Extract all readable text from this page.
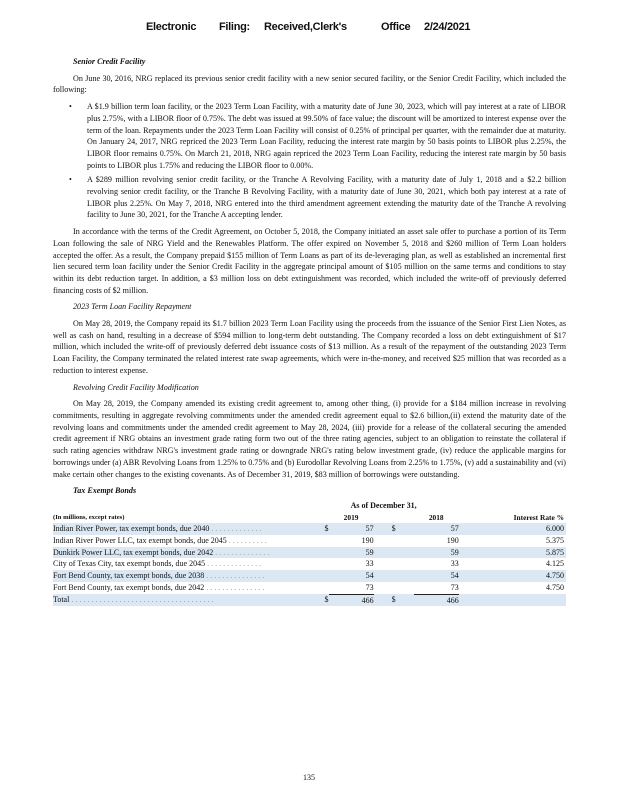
Electronic Filing: Received,Clerk's	Office 2/24/2021
Senior Credit Facility

On June 30, 2016, NRG replaced its previous senior credit facility with a new senior secured facility, or the Senior Credit Facility, which included the following:

• A $1.9 billion term loan facility, or the 2023 Term Loan Facility, with a maturity date of June 30, 2023, which will pay interest at a rate of LIBOR plus 2.75%, with a LIBOR floor of 0.75%. The debt was issued at 99.50% of face value; the discount will be amortized to interest expense over the term of the loan. Repayments under the 2023 Term Loan Facility will consist of 0.25% of principal per quarter, with the remainder due at maturity. On January 24, 2017, NRG repriced the 2023 Term Loan Facility, reducing the interest rate margin by 50 basis points to LIBOR plus 2.25%, the LIBOR floor remains 0.75%. On March 21, 2018, NRG again repriced the 2023 Term Loan Facility, reducing the interest rate margin by 50 basis points to LIBOR plus 1.75% and reducing the LIBOR floor to 0.00%.
• A $289 million revolving senior credit facility, or the Tranche A Revolving Facility, with a maturity date of July 1, 2018 and a $2.2 billion revolving senior credit facility, or the Tranche B Revolving Facility, with a maturity date of June 30, 2021, which both pay interest at a rate of LIBOR plus 2.25%. On May 7, 2018, NRG entered into the third amendment agreement extending the maturity date of the Tranche A revolving facility to June 30, 2021, for the Tranche A accepting lender.

In accordance with the terms of the Credit Agreement, on October 5, 2018, the Company initiated an asset sale offer to purchase a portion of its Term Loan following the sale of NRG Yield and the Renewables Platform. The offer expired on November 5, 2018 and $260 million of Term Loan holders accepted the offer. As a result, the Company prepaid $155 million of Term Loans as part of its de-leveraging plan, as well as established an incremental first lien secured term loan facility under the Senior Credit Facility in the aggregate principal amount of $105 million on the same terms and conditions to stay within its debt reduction target. In addition, a $3 million loss on debt extinguishment was recorded, which included the write-off of previously deferred financing costs of $2 million.

2023 Term Loan Facility Repayment

On May 28, 2019, the Company repaid its $1.7 billion 2023 Term Loan Facility using the proceeds from the issuance of the Senior First Lien Notes, as well as cash on hand, resulting in a decrease of $594 million to long-term debt outstanding. The Company recorded a loss on debt extinguishment of $17 million, which included the write-off of previously deferred debt issuance costs of $13 million. As a result of the repayment of the outstanding 2023 Term Loan Facility, the Company terminated the related interest rate swap agreements, which were in-the-money, and received $25 million that was recorded as a reduction to interest expense.

Revolving Credit Facility Modification

On May 28, 2019, the Company amended its existing credit agreement to, among other thing, (i) provide for a $184 million increase in revolving commitments, resulting in aggregate revolving commitments under the amended credit agreement equal to $2.6 billion,(ii) extend the maturity date of the revolving loans and commitments under the amended credit agreement to May 28, 2024, (iii) provide for a release of the collateral securing the amended credit agreement if NRG obtains an investment grade rating form two out of the three rating agencies, subject to an obligation to reinstate the collateral if such rating agencies withdraw NRG's investment grade rating or downgrade NRG's rating below investment grade, (iv) reduce the applicable margins for borrowings under (a) ABR Revolving Loans from 1.25% to 0.75% and (b) Eurodollar Revolving Loans from 2.25% to 1.75%, (v) add a sustainability and (vi) make certain other changes to the existing covenants. As of December 31, 2019, $83 million of borrowings were outstanding.

Tax Exempt Bonds
	As of December 31,				
(In millions, except rates)		2019		2018	Interest Rate %
Indian River Power, tax exempt bonds, due 2040 . . . . . . . . . . . . .	$	57	$	57	6.000
Indian River Power LLC, tax exempt bonds, due 2045 . . . . . . . . . .		190		190	5.375
Dunkirk Power LLC, tax exempt bonds, due 2042 . . . . . . . . . . . . . .		59		59	5.875
City of Texas City, tax exempt bonds, due 2045 . . . . . . . . . . . . . .		33		33	4.125
Fort Bend County, tax exempt bonds, due 2038 . . . . . . . . . . . . . . .		54		54	4.750
Fort Bend County, tax exempt bonds, due 2042 . . . . . . . . . . . . . . .		73		73	4.750
Total . . . . . . . . . . . . . . . . . . . . . . . . . . . . . . . . . . . .	$	466	$	466	
135
